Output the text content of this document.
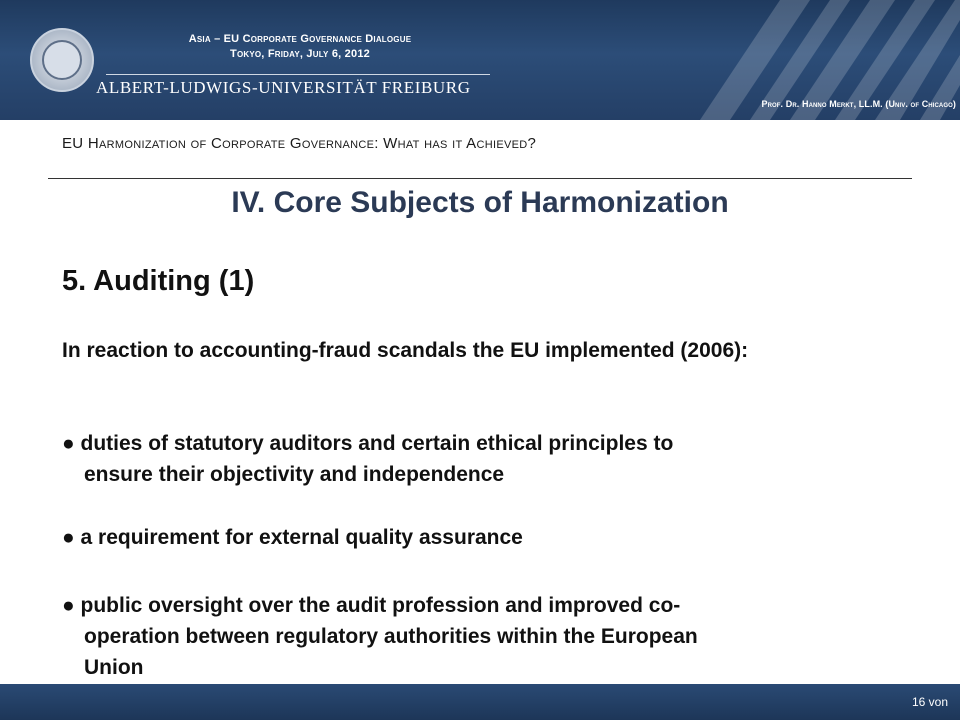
Asia – EU Corporate Governance Dialogue
Tokyo, Friday, July 6, 2012
ALBERT-LUDWIGS-UNIVERSITÄT FREIBURG
Prof. Dr. Hanno Merkt, LL.M. (Univ. of Chicago)
EU Harmonization of Corporate Governance: What has it Achieved?
IV. Core Subjects of Harmonization
5. Auditing (1)
In reaction to accounting-fraud scandals the EU implemented (2006):
● duties of statutory auditors and certain ethical principles to
ensure their objectivity and independence
● a requirement for external quality assurance
● public oversight over the audit profession and improved co-
operation between regulatory authorities within the European
Union
16 von
